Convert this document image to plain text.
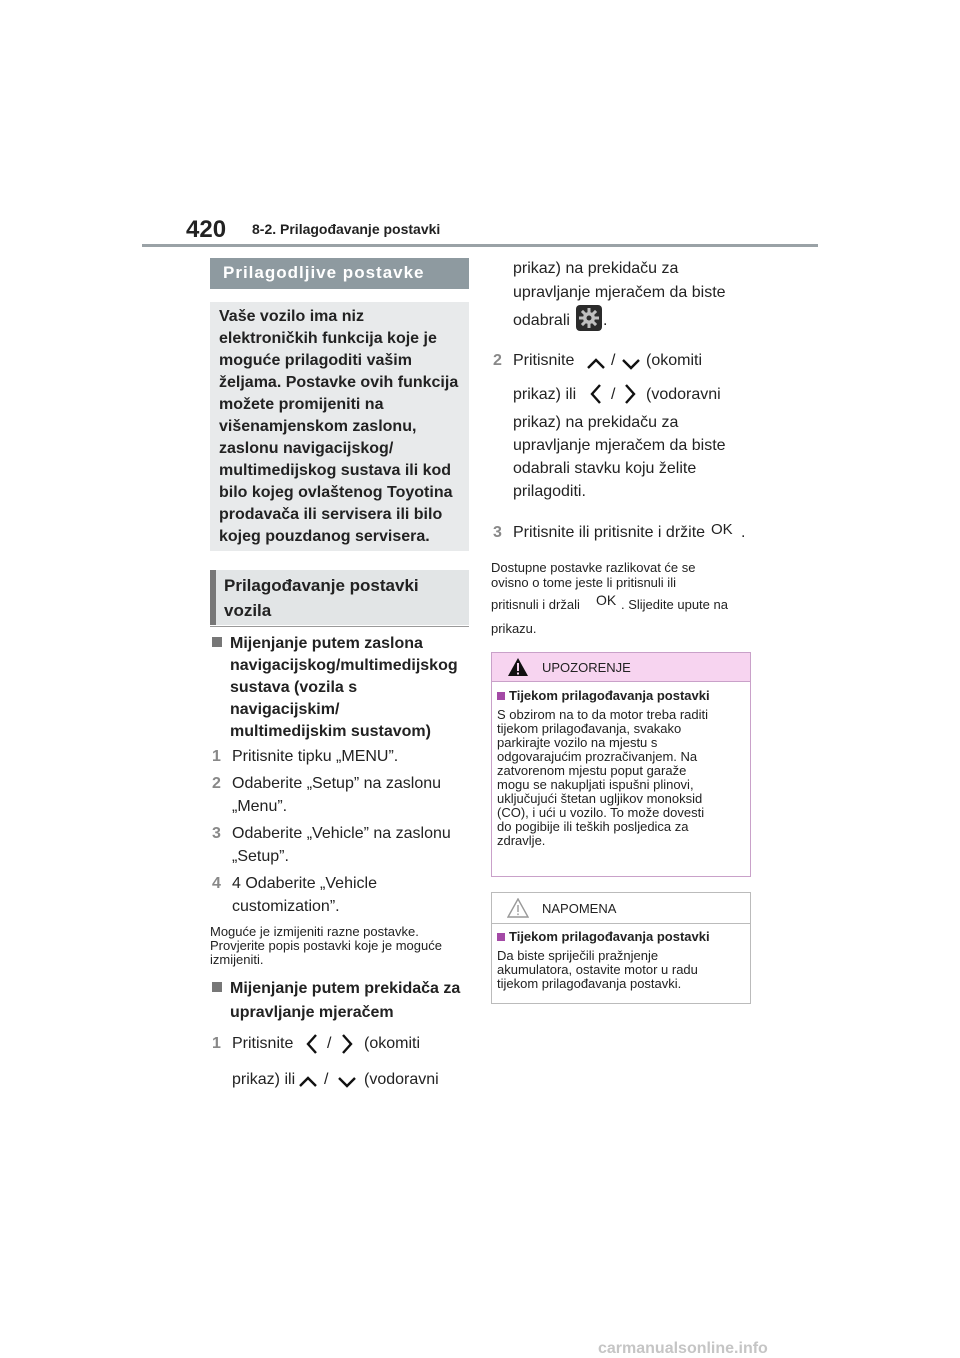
420 8-2. Prilagođavanje postavki
Prilagodljive postavke
Vaše vozilo ima niz
elektroničkih funkcija koje je
moguće prilagoditi vašim
željama. Postavke ovih funkcija
možete promijeniti na
višenamjenskom zaslonu,
zaslonu navigacijskog/
multimedijskog sustava ili kod
bilo kojeg ovlaštenog Toyotina
prodavača ili servisera ili bilo
kojeg pouzdanog servisera.
Prilagođavanje postavki
vozila
Mijenjanje putem zaslona
navigacijskog/multimedijskog
sustava (vozila s
navigacijskim/
multimedijskim sustavom)
1 Pritisnite tipku „MENU”.
2 Odaberite „Setup” na zaslonu
„Menu”.
3 Odaberite „Vehicle” na zaslonu
„Setup”.
4 4 Odaberite „Vehicle
customization”.
Moguće je izmijeniti razne postavke.
Provjerite popis postavki koje je moguće
izmijeniti.
Mijenjanje putem prekidača za
upravljanje mjeračem
1 Pritisnite / (okomiti
prikaz) ili / (vodoravni
prikaz) na prekidaču za
upravljanje mjeračem da biste
odabrali .
2 Pritisnite / (okomiti
prikaz) ili / (vodoravni
prikaz) na prekidaču za
upravljanje mjeračem da biste
odabrali stavku koju želite
prilagoditi.
3 Pritisnite ili pritisnite i držite OK .
Dostupne postavke razlikovat će se
ovisno o tome jeste li pritisnuli ili
pritisnuli i držali OK . Slijedite upute na
prikazu.
UPOZORENJE
Tijekom prilagođavanja postavki
S obzirom na to da motor treba raditi
tijekom prilagođavanja, svakako
parkirajte vozilo na mjestu s
odgovarajućim prozračivanjem. Na
zatvorenom mjestu poput garaže
mogu se nakupljati ispušni plinovi,
uključujući štetan ugljikov monoksid
(CO), i ući u vozilo. To može dovesti
do pogibije ili teških posljedica za
zdravlje.
NAPOMENA
Tijekom prilagođavanja postavki
Da biste spriječili pražnjenje
akumulatora, ostavite motor u radu
tijekom prilagođavanja postavki.
carmanualsonline.info
